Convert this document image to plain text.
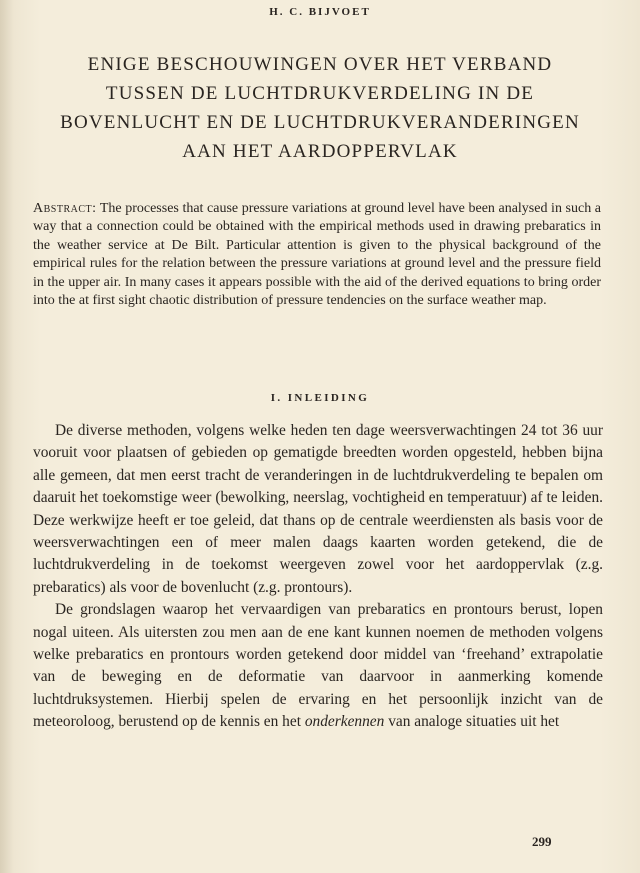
H. C. BIJVOET
ENIGE BESCHOUWINGEN OVER HET VERBAND
TUSSEN DE LUCHTDRUKVERDELING IN DE
BOVENLUCHT EN DE LUCHTDRUKVERANDERINGEN
AAN HET AARDOPPERVLAK
Abstract: The processes that cause pressure variations at ground level have been analysed in such a way that a connection could be obtained with the empirical methods used in drawing prebaratics in the weather service at De Bilt. Particular attention is given to the physical background of the empirical rules for the relation between the pressure variations at ground level and the pressure field in the upper air. In many cases it appears possible with the aid of the derived equations to bring order into the at first sight chaotic distribution of pressure tendencies on the surface weather map.
I. INLEIDING

De diverse methoden, volgens welke heden ten dage weersverwachtingen 24 tot 36 uur vooruit voor plaatsen of gebieden op gematigde breedten worden opgesteld, hebben bijna alle gemeen, dat men eerst tracht de veranderingen in de luchtdrukverdeling te bepalen om daaruit het toekomstige weer (bewolking, neerslag, vochtigheid en temperatuur) af te leiden. Deze werkwijze heeft er toe geleid, dat thans op de centrale weerdiensten als basis voor de weersverwachtingen een of meer malen daags kaarten worden getekend, die de luchtdrukverdeling in de toekomst weergeven zowel voor het aardoppervlak (z.g. prebaratics) als voor de bovenlucht (z.g. prontours).

De grondslagen waarop het vervaardigen van prebaratics en prontours berust, lopen nogal uiteen. Als uitersten zou men aan de ene kant kunnen noemen de methoden volgens welke prebaratics en prontours worden getekend door middel van ‘freehand’ extrapolatie van de beweging en de deformatie van daarvoor in aanmerking komende luchtdruksystemen. Hierbij spelen de ervaring en het persoonlijk inzicht van de meteoroloog, berustend op de kennis en het onderkennen van analoge situaties uit het

299
